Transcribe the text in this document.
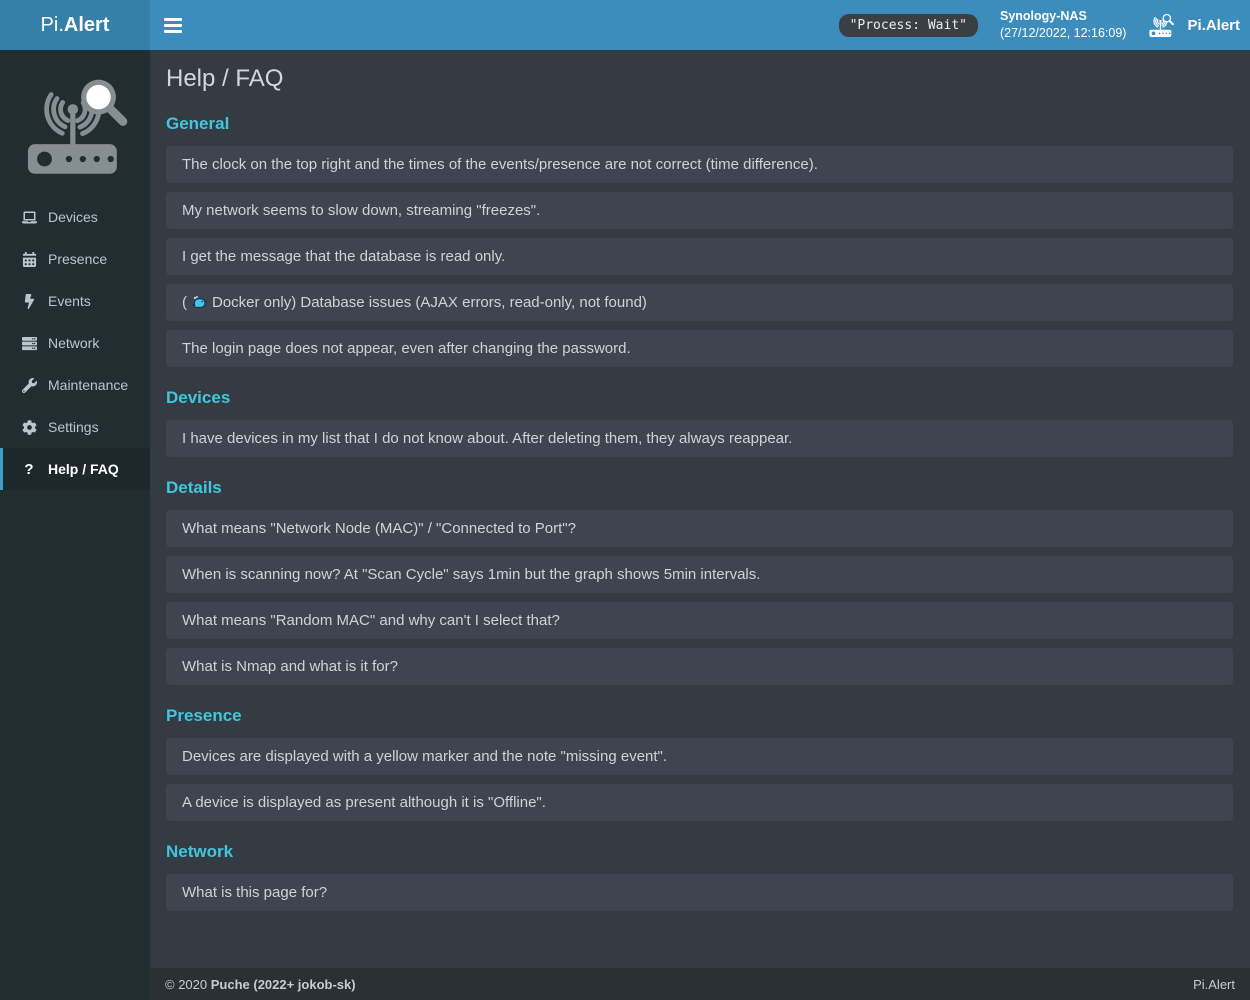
Pi. Alert	"Process: Wait"
Synology-NAS
(27/12/2022, 12:16:09)	Pi.Alert
Devices
Presence
Events
Network
Maintenance
Settings
? Help / FAQ
Help / FAQ
General
The clock on the top right and the times of the events/presence are not correct (time difference).
My network seems to slow down, streaming "freezes".
I get the message that the database is read only.
( Docker only) Database issues (AJAX errors, read-only, not found)
The login page does not appear, even after changing the password.
Devices
I have devices in my list that I do not know about. After deleting them, they always reappear.
Details
What means "Network Node (MAC)" / "Connected to Port"?
When is scanning now? At "Scan Cycle" says 1min but the graph shows 5min intervals.
What means "Random MAC" and why can't I select that?
What is Nmap and what is it for?
Presence
Devices are displayed with a yellow marker and the note "missing event".
A device is displayed as present although it is "Offline".
Network
What is this page for?
© 2020 Puche (2022+ jokob-sk)	Pi.Alert
